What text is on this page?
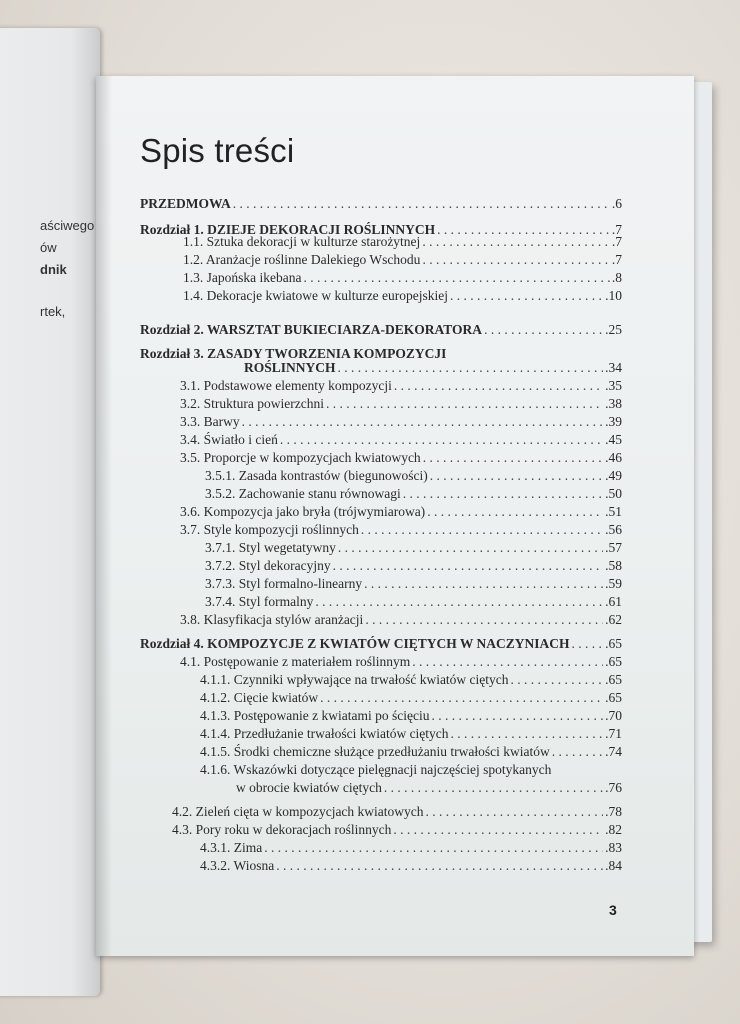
aściwego
ów
dnik
rtek,
Spis treści
PRZEDMOWA . . .	.6
Rozdział 1. DZIEJE DEKORACJI ROŚLINNYCH . . .	.7
1.1. Sztuka dekoracji w kulturze starożytnej . . .	.7
1.2. Aranżacje roślinne Dalekiego Wschodu . . .	.7
1.3. Japońska ikebana . . .	.8
1.4. Dekoracje kwiatowe w kulturze europejskiej . . .	.10
Rozdział 2. WARSZTAT BUKIECIARZA-DEKORATORA . . .	.25
Rozdział 3. ZASADY TWORZENIA KOMPOZYCJI
ROŚLINNYCH . . .	.34
3.1. Podstawowe elementy kompozycji . . .	.35
3.2. Struktura powierzchni . . .	.38
3.3. Barwy . . .	.39
3.4. Światło i cień . . .	.45
3.5. Proporcje w kompozycjach kwiatowych . . .	.46
3.5.1. Zasada kontrastów (biegunowości) . . .	.49
3.5.2. Zachowanie stanu równowagi . . .	.50
3.6. Kompozycja jako bryła (trójwymiarowa) . . .	.51
3.7. Style kompozycji roślinnych . . .	.56
3.7.1. Styl wegetatywny . . .	.57
3.7.2. Styl dekoracyjny . . .	.58
3.7.3. Styl formalno-linearny . . .	.59
3.7.4. Styl formalny . . .	.61
3.8. Klasyfikacja stylów aranżacji . . .	.62
Rozdział 4. KOMPOZYCJE Z KWIATÓW CIĘTYCH W NACZYNIACH . . .	.65
4.1. Postępowanie z materiałem roślinnym . . .	.65
4.1.1. Czynniki wpływające na trwałość kwiatów ciętych . . .	.65
4.1.2. Cięcie kwiatów . . .	.65
4.1.3. Postępowanie z kwiatami po ścięciu . . .	.70
4.1.4. Przedłużanie trwałości kwiatów ciętych . . .	.71
4.1.5. Środki chemiczne służące przedłużaniu trwałości kwiatów . . .	.74
4.1.6. Wskazówki dotyczące pielęgnacji najczęściej spotykanych
w obrocie kwiatów ciętych . . .	.76
4.2. Zieleń cięta w kompozycjach kwiatowych . . .	.78
4.3. Pory roku w dekoracjach roślinnych . . .	.82
4.3.1. Zima . . .	.83
4.3.2. Wiosna . . .	.84
3
